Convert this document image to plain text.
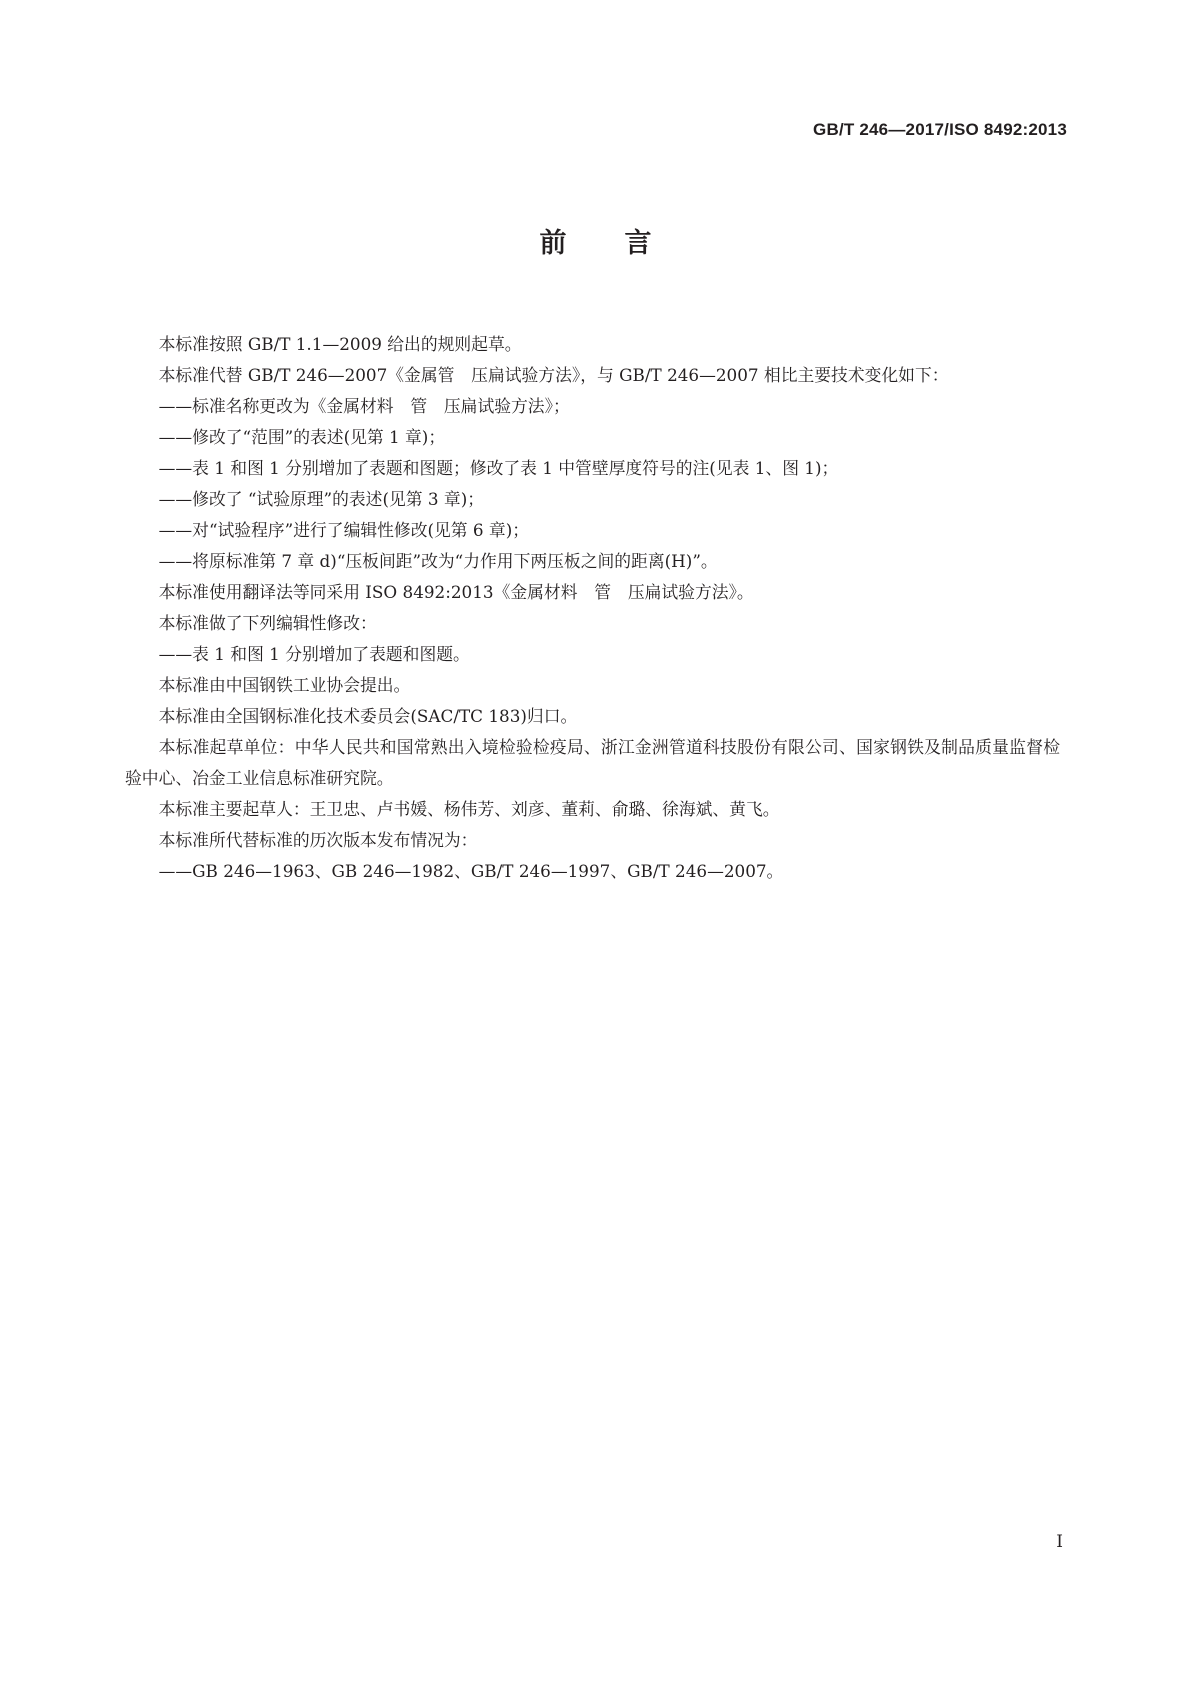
GB/T 246—2017/ISO 8492:2013
前言

本标准按照 GB/T 1.1—2009 给出的规则起草。

本标准代替 GB/T 246—2007《金属管　压扁试验方法》，与 GB/T 246—2007 相比主要技术变化如下：

——标准名称更改为《金属材料　管　压扁试验方法》；

——修改了“范围”的表述(见第 1 章)；

——表 1 和图 1 分别增加了表题和图题；修改了表 1 中管壁厚度符号的注(见表 1、图 1)；

——修改了 “试验原理”的表述(见第 3 章)；

——对“试验程序”进行了编辑性修改(见第 6 章)；

——将原标准第 7 章 d)“压板间距”改为“力作用下两压板之间的距离(H)”。

本标准使用翻译法等同采用 ISO 8492:2013《金属材料　管　压扁试验方法》。

本标准做了下列编辑性修改：

——表 1 和图 1 分别增加了表题和图题。

本标准由中国钢铁工业协会提出。

本标准由全国钢标准化技术委员会(SAC/TC 183)归口。

本标准起草单位：中华人民共和国常熟出入境检验检疫局、浙江金洲管道科技股份有限公司、国家钢铁及制品质量监督检验中心、冶金工业信息标准研究院。

本标准主要起草人：王卫忠、卢书媛、杨伟芳、刘彦、董莉、俞璐、徐海斌、黄飞。

本标准所代替标准的历次版本发布情况为：

——GB 246—1963、GB 246—1982、GB/T 246—1997、GB/T 246—2007。

I
